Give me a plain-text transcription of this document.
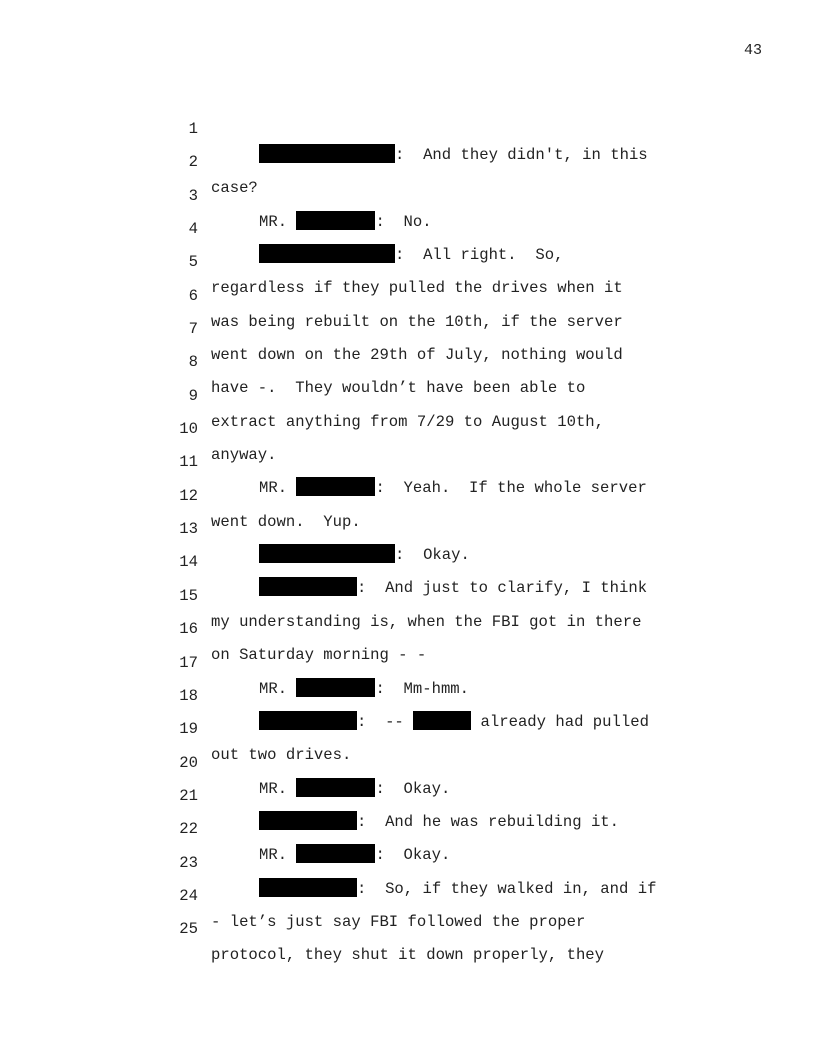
43

1

:  And they didn't, in this

2

case?

3

MR.	:  No.

4

:  All right.  So,

5

regardless if they pulled the drives when it

6

was being rebuilt on the 10th, if the server

7

went down on the 29th of July, nothing would

8

have -.  They wouldn’t have been able to

9

extract anything from 7/29 to August 10th,

10

anyway.

11

MR.	:  Yeah.  If the whole server

12

went down.  Yup.

13

:  Okay.

14

:  And just to clarify, I think

15

my understanding is, when the FBI got in there

16

on Saturday morning - -

17

MR.	:  Mm-hmm.

18

:  --	already had pulled

19

out two drives.

20

MR.	:  Okay.

21

:  And he was rebuilding it.

22

MR.	:  Okay.

23

:  So, if they walked in, and if

24

- let’s just say FBI followed the proper

25

protocol, they shut it down properly, they
